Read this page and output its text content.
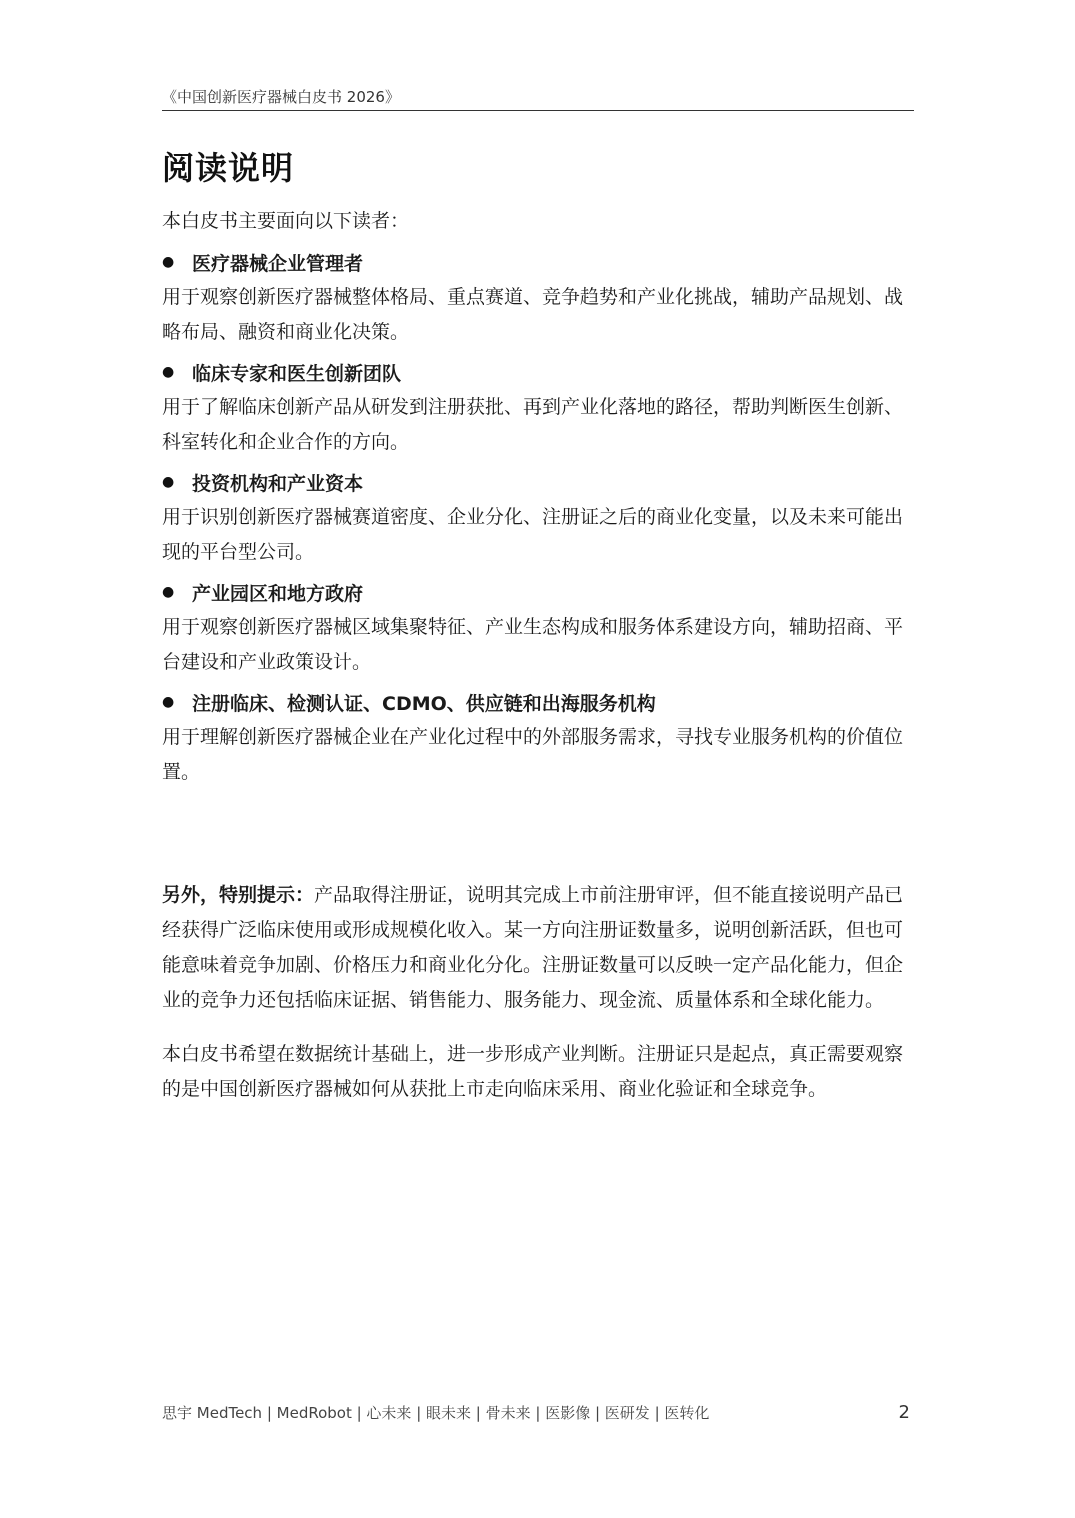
《中国创新医疗器械白皮书 2026》
阅读说明

本白皮书主要面向以下读者：

● 医疗器械企业管理者

用于观察创新医疗器械整体格局、重点赛道、竞争趋势和产业化挑战，辅助产品规划、战略布局、融资和商业化决策。

● 临床专家和医生创新团队

用于了解临床创新产品从研发到注册获批、再到产业化落地的路径，帮助判断医生创新、科室转化和企业合作的方向。

● 投资机构和产业资本

用于识别创新医疗器械赛道密度、企业分化、注册证之后的商业化变量，以及未来可能出现的平台型公司。

● 产业园区和地方政府

用于观察创新医疗器械区域集聚特征、产业生态构成和服务体系建设方向，辅助招商、平台建设和产业政策设计。

● 注册临床、检测认证、CDMO、供应链和出海服务机构

用于理解创新医疗器械企业在产业化过程中的外部服务需求，寻找专业服务机构的价值位置。

另外，特别提示：产品取得注册证，说明其完成上市前注册审评，但不能直接说明产品已经获得广泛临床使用或形成规模化收入。某一方向注册证数量多，说明创新活跃，但也可能意味着竞争加剧、价格压力和商业化分化。注册证数量可以反映一定产品化能力，但企业的竞争力还包括临床证据、销售能力、服务能力、现金流、质量体系和全球化能力。

本白皮书希望在数据统计基础上，进一步形成产业判断。注册证只是起点，真正需要观察的是中国创新医疗器械如何从获批上市走向临床采用、商业化验证和全球竞争。

思宇 MedTech | MedRobot | 心未来 | 眼未来 | 骨未来 | 医影像 | 医研发 | 医转化	2
